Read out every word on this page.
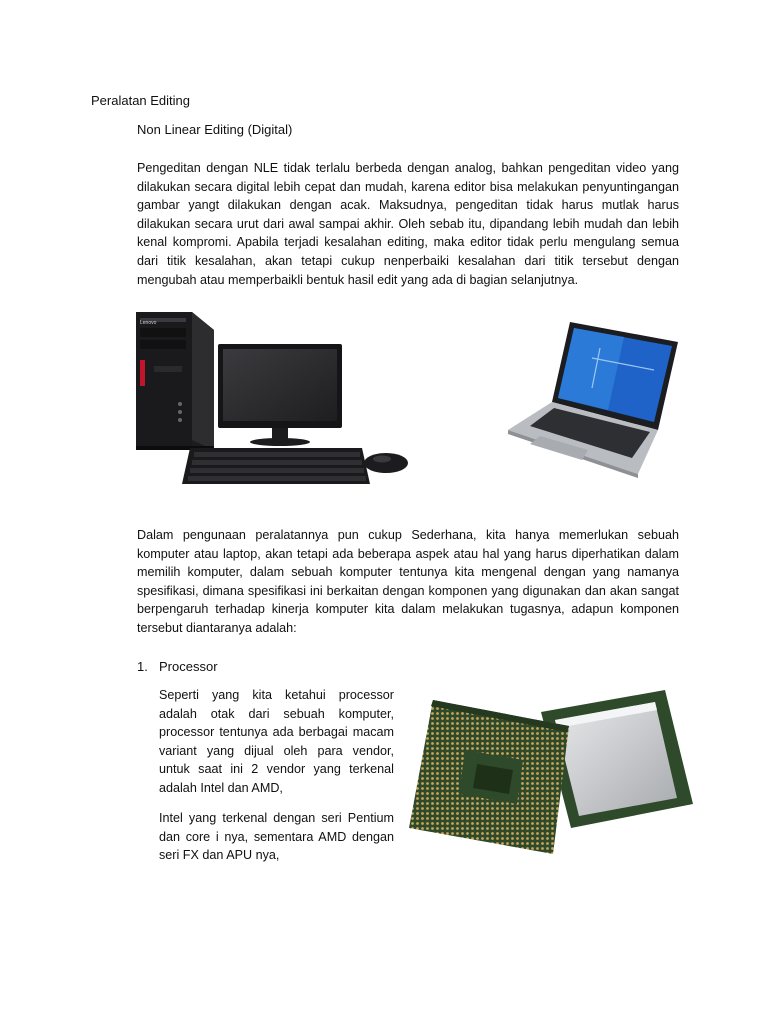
Peralatan Editing
Non Linear Editing (Digital)
Pengeditan dengan NLE tidak terlalu berbeda dengan analog, bahkan pengeditan video yang dilakukan secara digital lebih cepat dan mudah, karena editor bisa melakukan penyuntingangan gambar yangt dilakukan dengan acak. Maksudnya, pengeditan tidak harus mutlak harus dilakukan secara urut dari awal sampai akhir. Oleh sebab itu, dipandang lebih mudah dan lebih kenal kompromi. Apabila terjadi kesalahan editing, maka editor tidak perlu mengulang semua dari titik kesalahan, akan tetapi cukup nenperbaiki kesalahan dari titik tersebut dengan mengubah atau memperbaikli bentuk hasil edit yang ada di bagian selanjutnya.
Lenovo
Dalam pengunaan peralatannya pun cukup Sederhana, kita hanya memerlukan sebuah komputer atau laptop, akan tetapi ada beberapa aspek atau hal yang harus diperhatikan dalam memilih komputer, dalam sebuah komputer tentunya kita mengenal dengan yang namanya spesifikasi, dimana spesifikasi ini berkaitan dengan komponen yang digunakan dan akan sangat berpengaruh terhadap kinerja komputer kita dalam melakukan tugasnya, adapun komponen tersebut diantaranya adalah:
1. Processor
Seperti yang kita ketahui processor adalah otak dari sebuah komputer, processor tentunya ada berbagai macam variant yang dijual oleh para vendor, untuk saat ini 2 vendor yang terkenal adalah Intel dan AMD,
Intel yang terkenal dengan seri Pentium dan core i nya, sementara AMD dengan seri FX dan APU nya,
